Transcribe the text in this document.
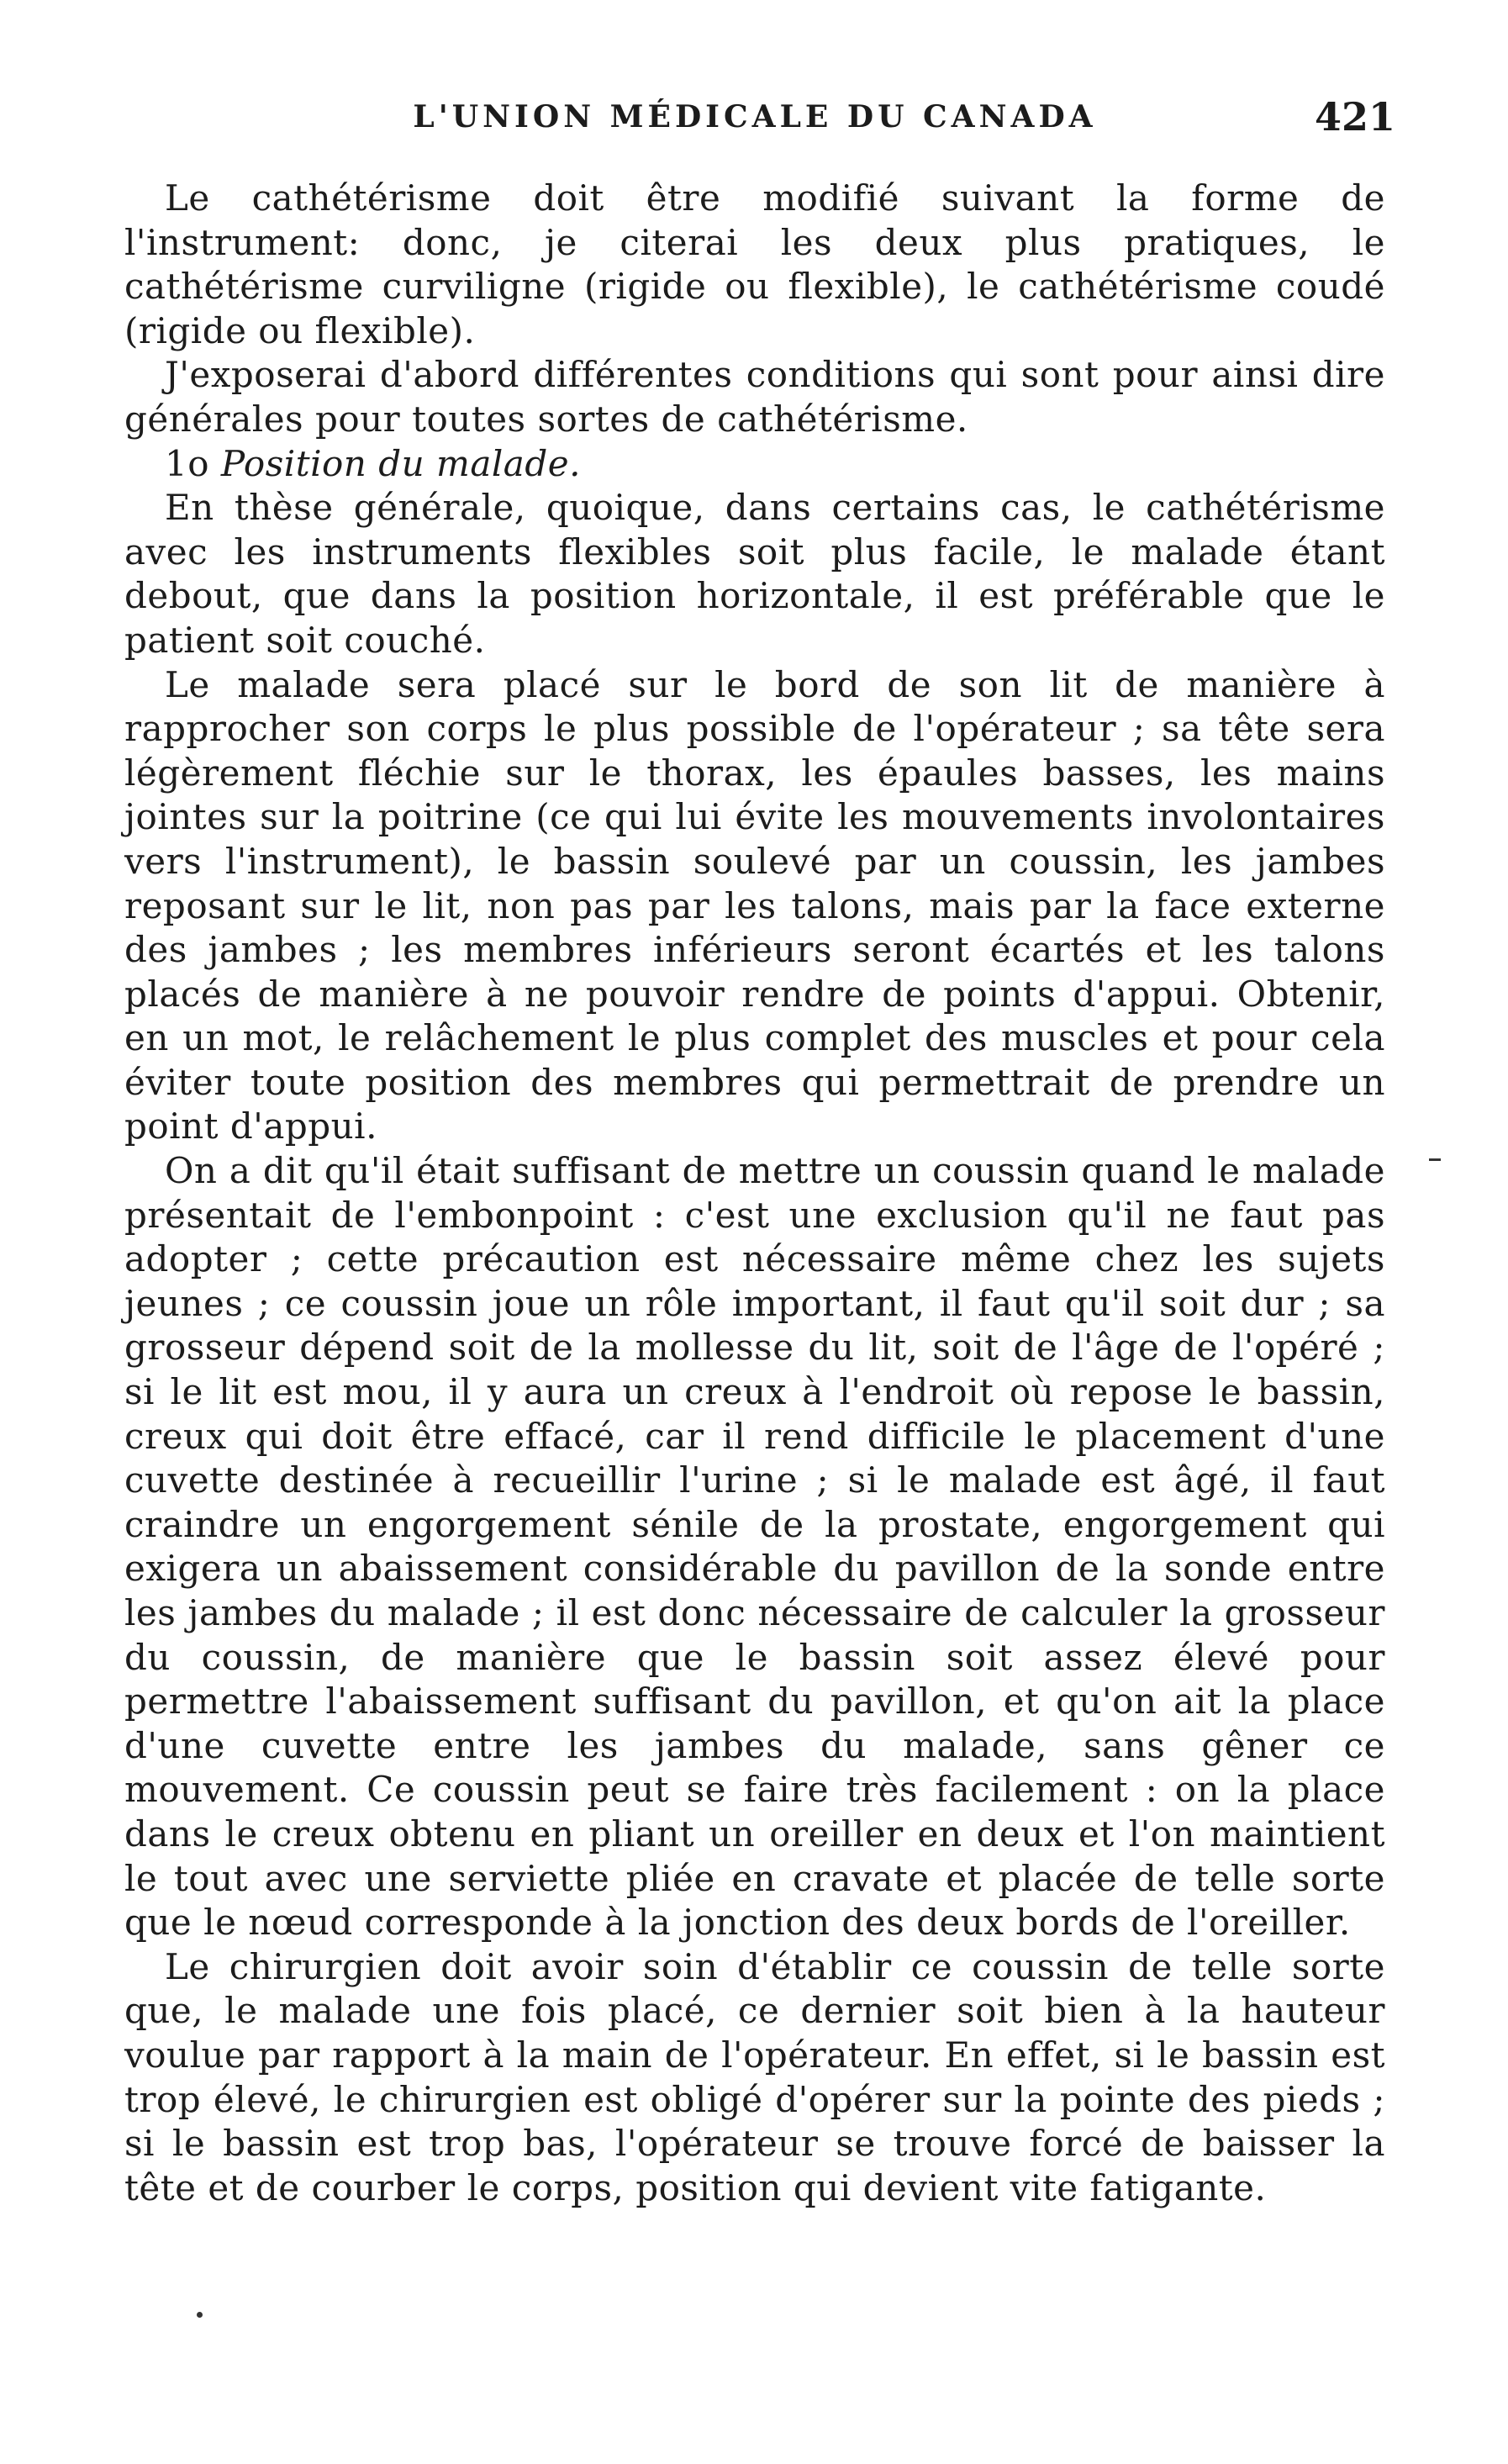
L'UNION MÉDICALE DU CANADA	421

Le cathétérisme doit être modifié suivant la forme de l'instrument: donc, je citerai les deux plus pratiques, le cathétérisme curviligne (rigide ou flexible), le cathétérisme coudé (rigide ou flexible).

J'exposerai d'abord différentes conditions qui sont pour ainsi dire générales pour toutes sortes de cathétérisme.

1o Position du malade.

En thèse générale, quoique, dans certains cas, le cathétérisme avec les instruments flexibles soit plus facile, le malade étant debout, que dans la position horizontale, il est préférable que le patient soit couché.

Le malade sera placé sur le bord de son lit de manière à rapprocher son corps le plus possible de l'opérateur ; sa tête sera légèrement fléchie sur le thorax, les épaules basses, les mains jointes sur la poitrine (ce qui lui évite les mouvements involontaires vers l'instrument), le bassin soulevé par un coussin, les jambes reposant sur le lit, non pas par les talons, mais par la face externe des jambes ; les membres inférieurs seront écartés et les talons placés de manière à ne pouvoir rendre de points d'appui. Obtenir, en un mot, le relâchement le plus complet des muscles et pour cela éviter toute position des membres qui permettrait de prendre un point d'appui.

On a dit qu'il était suffisant de mettre un coussin quand le malade présentait de l'embonpoint : c'est une exclusion qu'il ne faut pas adopter ; cette précaution est nécessaire même chez les sujets jeunes ; ce coussin joue un rôle important, il faut qu'il soit dur ; sa grosseur dépend soit de la mollesse du lit, soit de l'âge de l'opéré ; si le lit est mou, il y aura un creux à l'endroit où repose le bassin, creux qui doit être effacé, car il rend difficile le placement d'une cuvette destinée à recueillir l'urine ; si le malade est âgé, il faut craindre un engorgement sénile de la prostate, engorgement qui exigera un abaissement considérable du pavillon de la sonde entre les jambes du malade ; il est donc nécessaire de calculer la grosseur du coussin, de manière que le bassin soit assez élevé pour permettre l'abaissement suffisant du pavillon, et qu'on ait la place d'une cuvette entre les jambes du malade, sans gêner ce mouvement. Ce coussin peut se faire très facilement : on la place dans le creux obtenu en pliant un oreiller en deux et l'on maintient le tout avec une serviette pliée en cravate et placée de telle sorte que le nœud corresponde à la jonction des deux bords de l'oreiller.

Le chirurgien doit avoir soin d'établir ce coussin de telle sorte que, le malade une fois placé, ce dernier soit bien à la hauteur voulue par rapport à la main de l'opérateur. En effet, si le bassin est trop élevé, le chirurgien est obligé d'opérer sur la pointe des pieds ; si le bassin est trop bas, l'opérateur se trouve forcé de baisser la tête et de courber le corps, position qui devient vite fatigante.
